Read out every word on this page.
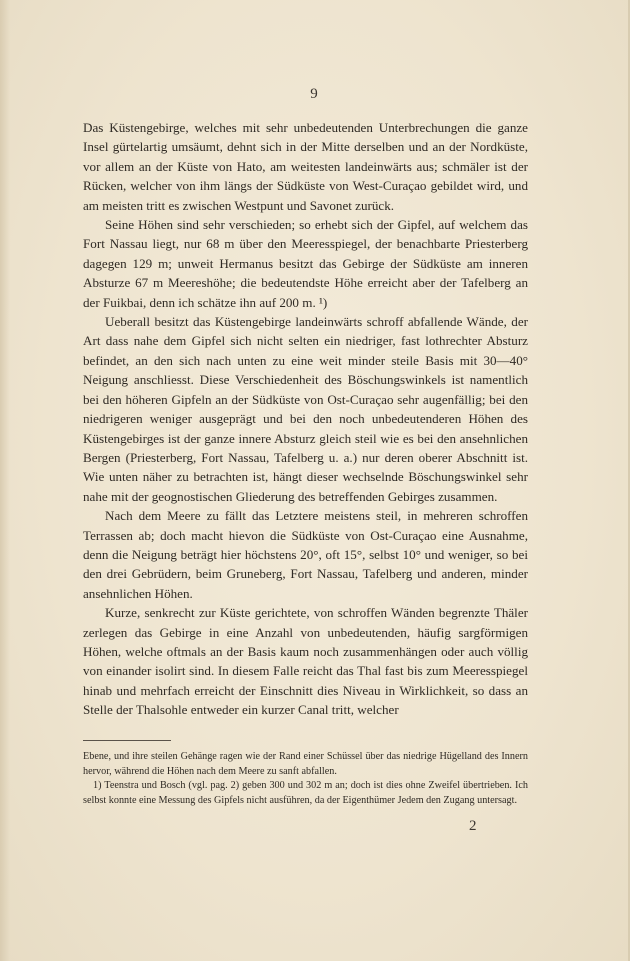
9

Das Küstengebirge, welches mit sehr unbedeutenden Unterbrechungen die ganze Insel gürtelartig umsäumt, dehnt sich in der Mitte derselben und an der Nordküste, vor allem an der Küste von Hato, am weitesten landeinwärts aus; schmäler ist der Rücken, welcher von ihm längs der Südküste von West-Curaçao gebildet wird, und am meisten tritt es zwischen Westpunt und Savonet zurück.

Seine Höhen sind sehr verschieden; so erhebt sich der Gipfel, auf welchem das Fort Nassau liegt, nur 68 m über den Meeresspiegel, der benachbarte Priesterberg dagegen 129 m; unweit Hermanus besitzt das Gebirge der Südküste am inneren Absturze 67 m Meereshöhe; die bedeutendste Höhe erreicht aber der Tafelberg an der Fuikbai, denn ich schätze ihn auf 200 m. ¹)

Ueberall besitzt das Küstengebirge landeinwärts schroff abfallende Wände, der Art dass nahe dem Gipfel sich nicht selten ein niedriger, fast lothrechter Absturz befindet, an den sich nach unten zu eine weit minder steile Basis mit 30—40° Neigung anschliesst. Diese Verschiedenheit des Böschungswinkels ist namentlich bei den höheren Gipfeln an der Südküste von Ost-Curaçao sehr augenfällig; bei den niedrigeren weniger ausgeprägt und bei den noch unbedeutenderen Höhen des Küstengebirges ist der ganze innere Absturz gleich steil wie es bei den ansehnlichen Bergen (Priesterberg, Fort Nassau, Tafelberg u. a.) nur deren oberer Abschnitt ist. Wie unten näher zu betrachten ist, hängt dieser wechselnde Böschungswinkel sehr nahe mit der geognostischen Gliederung des betreffenden Gebirges zusammen.

Nach dem Meere zu fällt das Letztere meistens steil, in mehreren schroffen Terrassen ab; doch macht hievon die Südküste von Ost-Curaçao eine Ausnahme, denn die Neigung beträgt hier höchstens 20°, oft 15°, selbst 10° und weniger, so bei den drei Gebrüdern, beim Gruneberg, Fort Nassau, Tafelberg und anderen, minder ansehnlichen Höhen.

Kurze, senkrecht zur Küste gerichtete, von schroffen Wänden begrenzte Thäler zerlegen das Gebirge in eine Anzahl von unbedeutenden, häufig sargförmigen Höhen, welche oftmals an der Basis kaum noch zusammenhängen oder auch völlig von einander isolirt sind. In diesem Falle reicht das Thal fast bis zum Meeresspiegel hinab und mehrfach erreicht der Einschnitt dies Niveau in Wirklichkeit, so dass an Stelle der Thalsohle entweder ein kurzer Canal tritt, welcher

Ebene, und ihre steilen Gehänge ragen wie der Rand einer Schüssel über das niedrige Hügelland des Innern hervor, während die Höhen nach dem Meere zu sanft abfallen.

1) Teenstra und Bosch (vgl. pag. 2) geben 300 und 302 m an; doch ist dies ohne Zweifel übertrieben. Ich selbst konnte eine Messung des Gipfels nicht ausführen, da der Eigenthümer Jedem den Zugang untersagt.

2
